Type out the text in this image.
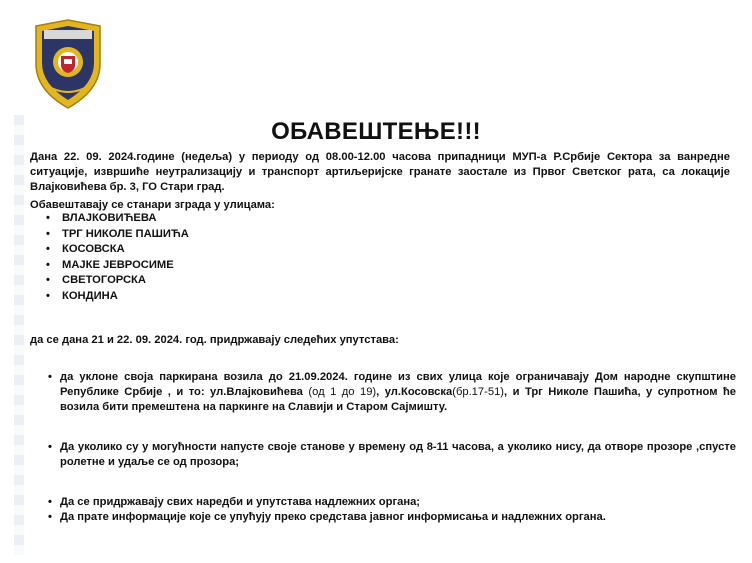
ОБАВЕШТЕЊЕ!!!
Дана 22. 09. 2024.године (недеља) у периоду од 08.00-12.00 часова припадници МУП-а Р.Србије Сектора за ванредне ситуације, извршиће неутрализацију и транспорт артиљеријске гранате заостале из Првог Светског рата, са локације Влајковићева бр. 3, ГО Стари град.
Обавештавају се станари зграда у улицама:
• ВЛАЈКОВИЋЕВА
• ТРГ НИКОЛЕ ПАШИЋА
• КОСОВСКА
• МАЈКЕ ЈЕВРОСИМЕ
• СВЕТОГОРСКА
• КОНДИНА
да се дана 21 и 22. 09. 2024. год. придржавају следећих упутстава:
• да уклоне своја паркирана возила до 21.09.2024. године из свих улица које ограничавају Дом народне скупштине Републике Србије , и то: ул.Влајковићева (од 1 до 19), ул.Косовска(бр.17-51), и Трг Николе Пашића, у супротном ће возила бити премештена на паркинге на Славији и Старом Сајмишту.
• Да уколико су у могућности напусте своје станове у времену од 8-11 часова, а уколико нису, да отворе прозоре ,спусте ролетне и удаље се од прозора;
• Да се придржавају свих наредби и упутстава надлежних органа;
• Да прате информације које се упућују преко средстава јавног информисања и надлежних органа.
